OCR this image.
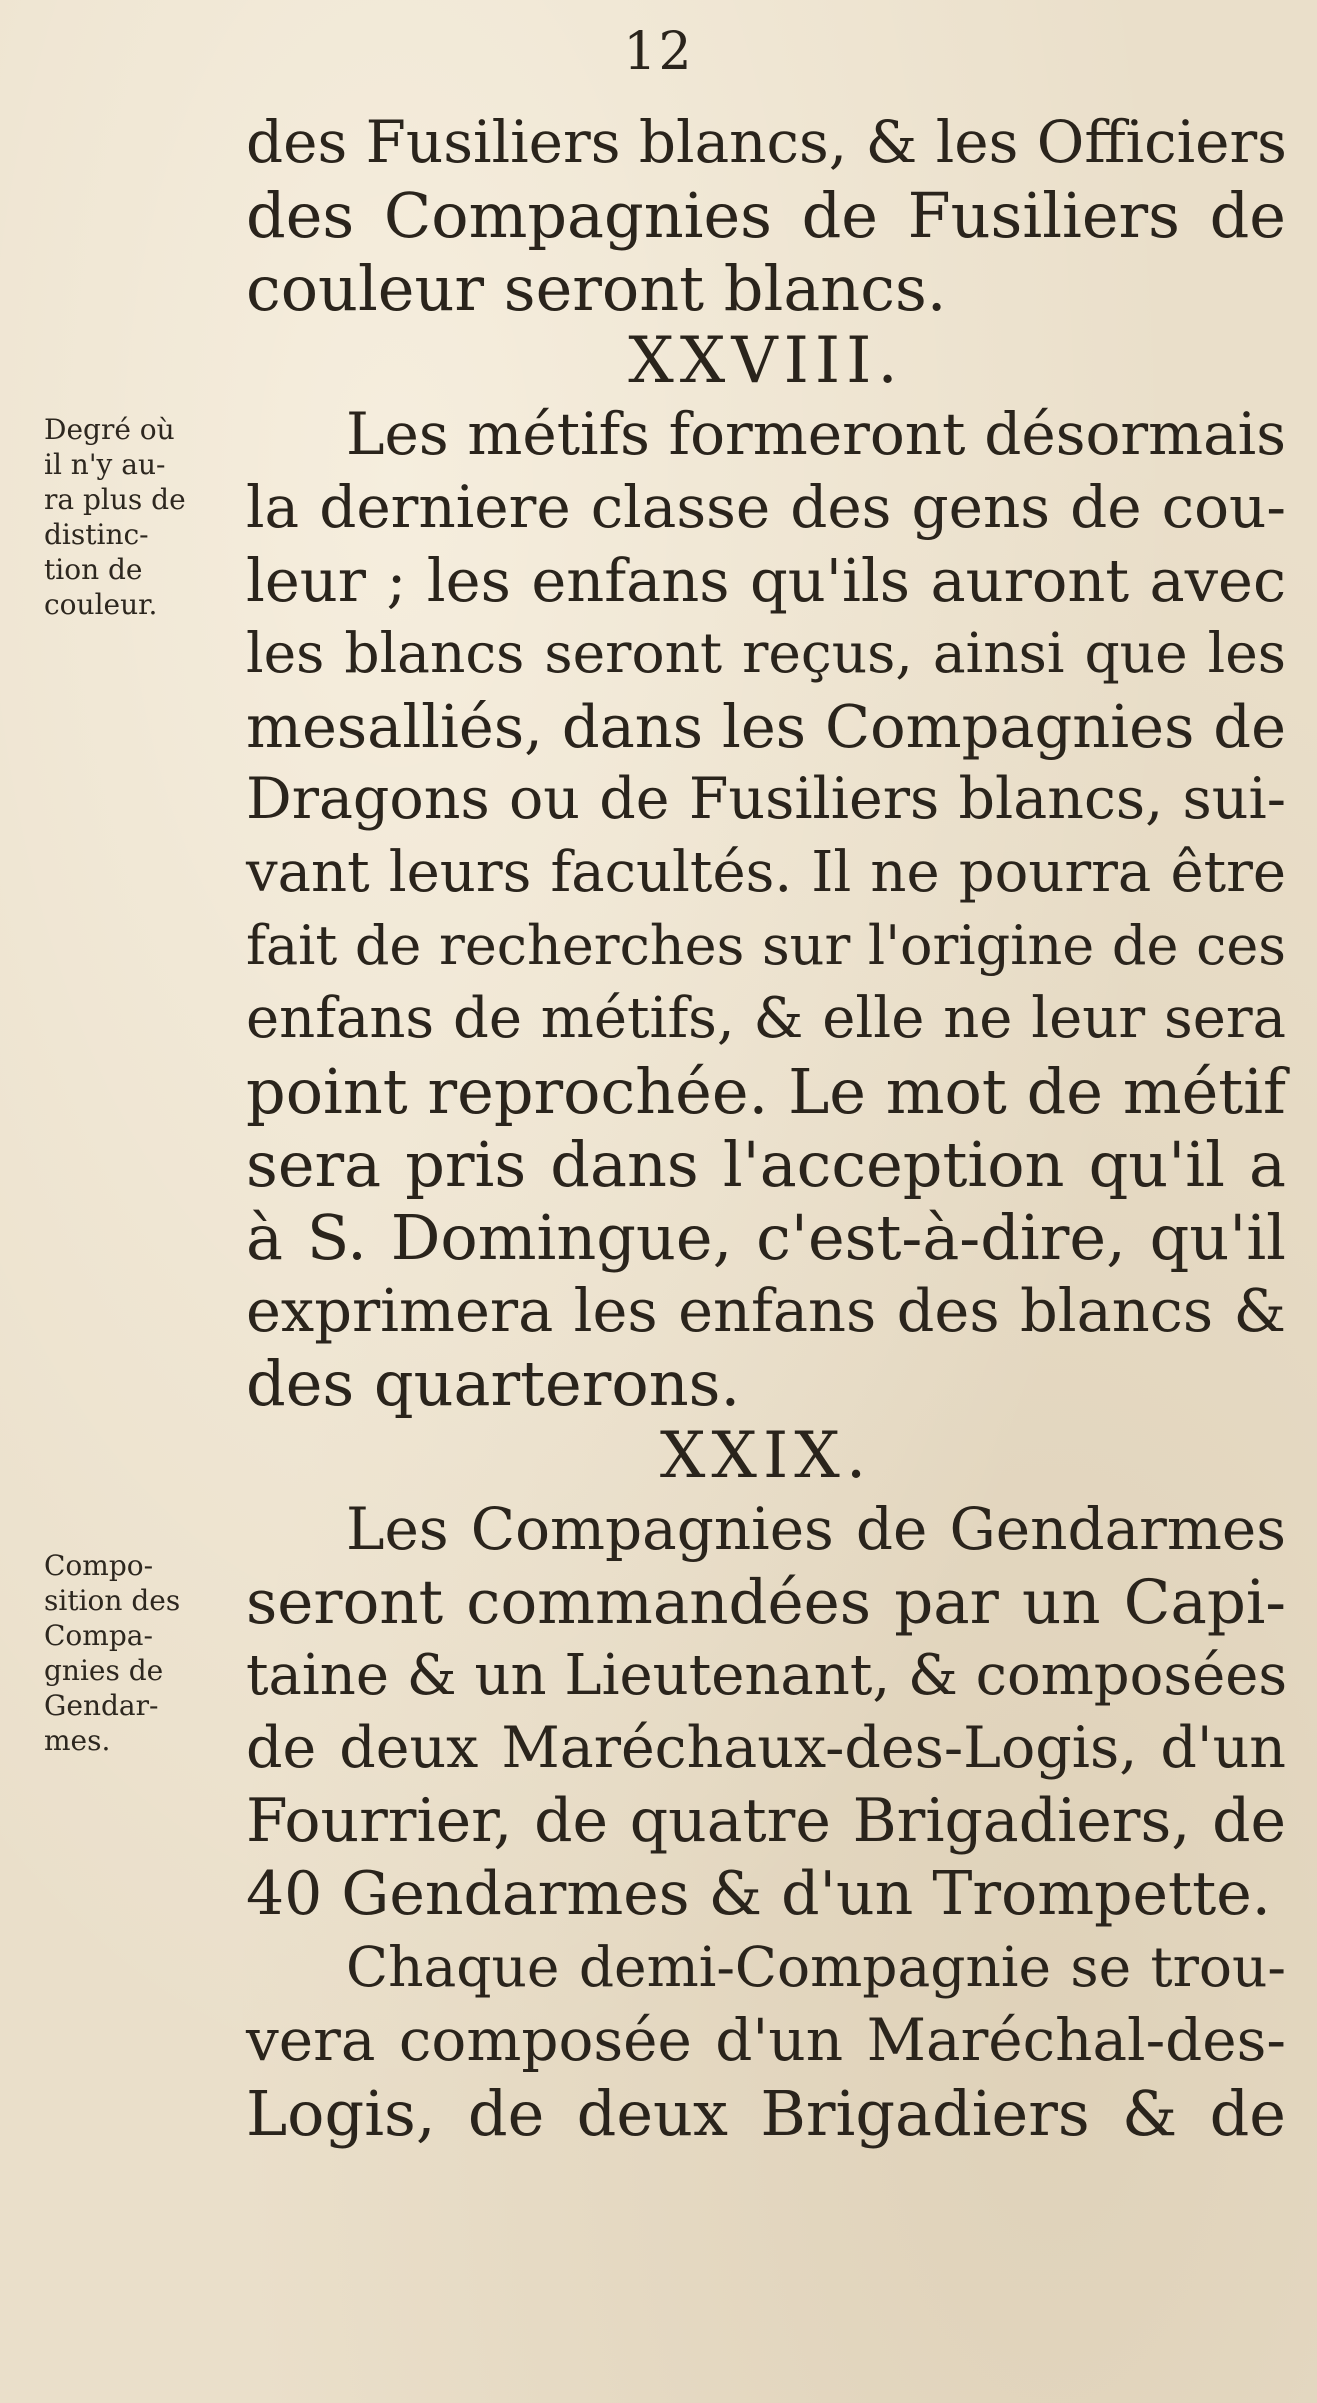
12
Degré où
il n'y au-
ra plus de
distinc-
tion de
couleur.
Compo-
sition des
Compa-
gnies de
Gendar-
mes.
des Fusiliers blancs, & les Officiers
des Compagnies de Fusiliers de
couleur seront blancs.
XXVIII.
Les métifs formeront désormais
la derniere classe des gens de cou-
leur ; les enfans qu'ils auront avec
les blancs seront reçus, ainsi que les
mesalliés, dans les Compagnies de
Dragons ou de Fusiliers blancs, sui-
vant leurs facultés. Il ne pourra être
fait de recherches sur l'origine de ces
enfans de métifs, & elle ne leur sera
point reprochée. Le mot de métif
sera pris dans l'acception qu'il a
à S. Domingue, c'est-à-dire, qu'il
exprimera les enfans des blancs &
des quarterons.
XXIX.
Les Compagnies de Gendarmes
seront commandées par un Capi-
taine & un Lieutenant, & composées
de deux Maréchaux-des-Logis, d'un
Fourrier, de quatre Brigadiers, de
40 Gendarmes & d'un Trompette.
Chaque demi-Compagnie se trou-
vera composée d'un Maréchal-des-
Logis, de deux Brigadiers & de
